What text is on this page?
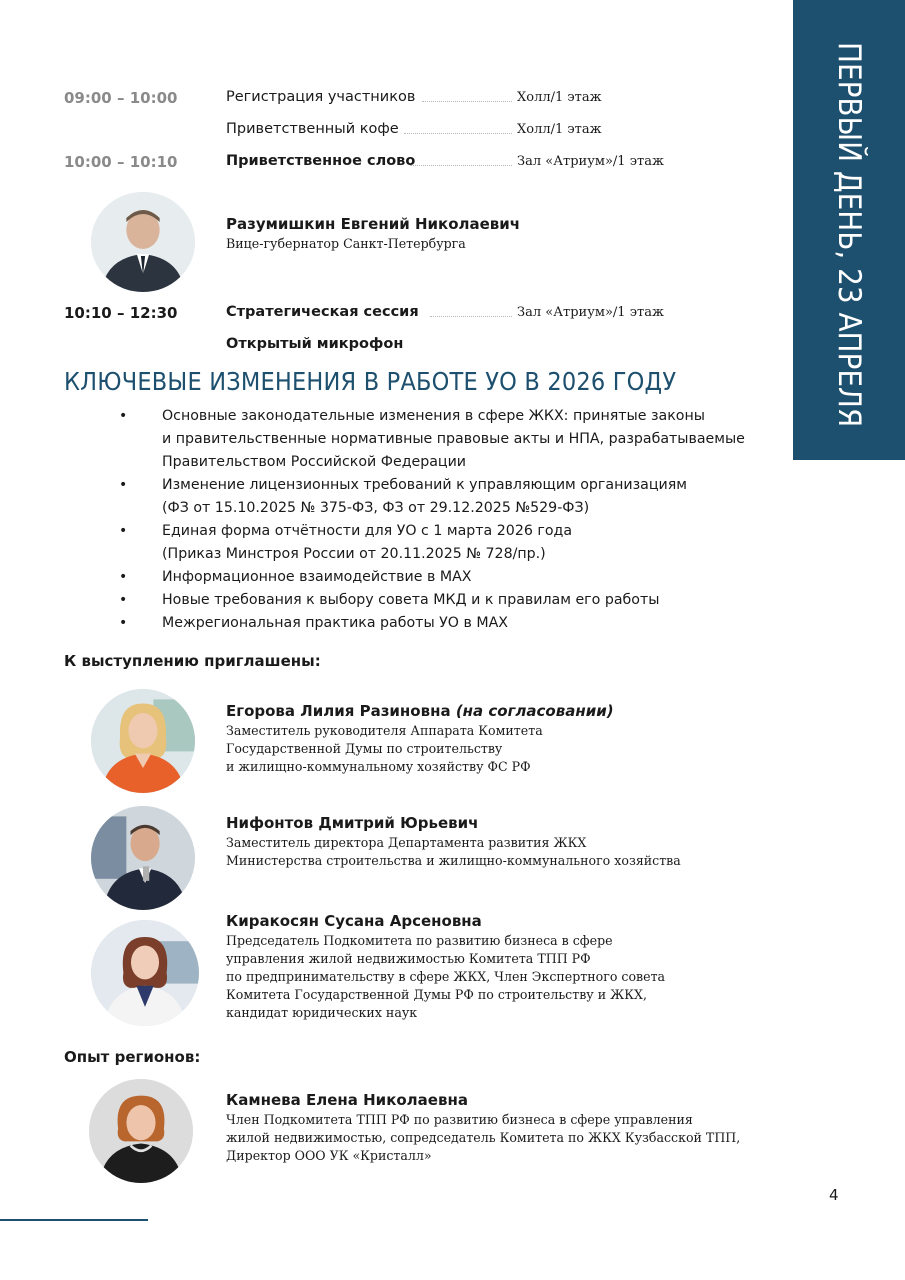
ПЕРВЫЙ ДЕНЬ, 23 АПРЕЛЯ
09:00 – 10:00	Регистрация участников	Холл/1 этаж
Приветственный кофе	Холл/1 этаж
10:00 – 10:10	Приветственное слово	Зал «Атриум»/1 этаж
Разумишкин Евгений Николаевич
Вице-губернатор Санкт-Петербурга
10:10 – 12:30	Стратегическая сессия	Зал «Атриум»/1 этаж
Открытый микрофон
КЛЮЧЕВЫЕ ИЗМЕНЕНИЯ В РАБОТЕ УО В 2026 ГОДУ
• Основные законодательные изменения в сфере ЖКХ: принятые законы
и правительственные нормативные правовые акты и НПА, разрабатываемые
Правительством Российской Федерации
• Изменение лицензионных требований к управляющим организациям
(ФЗ от 15.10.2025 № 375-ФЗ, ФЗ от 29.12.2025 №529-ФЗ)
• Единая форма отчётности для УО с 1 марта 2026 года
(Приказ Минстроя России от 20.11.2025 № 728/пр.)
• Информационное взаимодействие в МАХ
• Новые требования к выбору совета МКД и к правилам его работы
• Межрегиональная практика работы УО в МАХ
К выступлению приглашены:
Егорова Лилия Разиновна (на согласовании)
Заместитель руководителя Аппарата Комитета
Государственной Думы по строительству
и жилищно-коммунальному хозяйству ФС РФ
Нифонтов Дмитрий Юрьевич
Заместитель директора Департамента развития ЖКХ
Министерства строительства и жилищно-коммунального хозяйства
Киракосян Сусана Арсеновна
Председатель Подкомитета по развитию бизнеса в сфере
управления жилой недвижимостью Комитета ТПП РФ
по предпринимательству в сфере ЖКХ, Член Экспертного совета
Комитета Государственной Думы РФ по строительству и ЖКХ,
кандидат юридических наук
Опыт регионов:
Камнева Елена Николаевна
Член Подкомитета ТПП РФ по развитию бизнеса в сфере управления
жилой недвижимостью, сопредседатель Комитета по ЖКХ Кузбасской ТПП,
Директор ООО УК «Кристалл»
4
